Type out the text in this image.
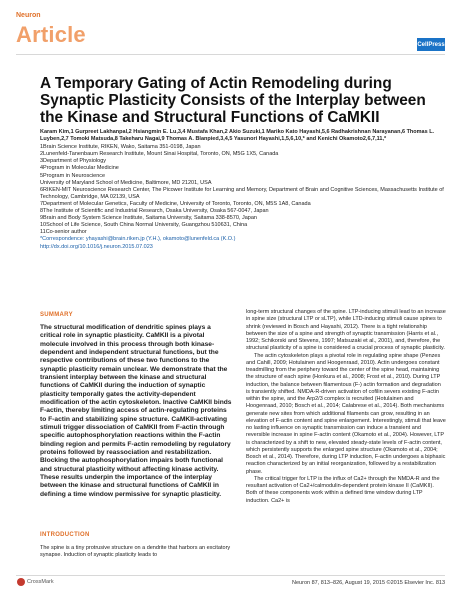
Neuron
Article	CellPress
A Temporary Gating of Actin Remodeling during Synaptic Plasticity Consists of the Interplay between the Kinase and Structural Functions of CaMKII

Karam Kim,1 Gurpreet Lakhanpal,2 Hsiangmin E. Lu,3,4 Mustafa Khan,2 Akio Suzuki,1 Mariko Kato Hayashi,5,6 Radhakrishnan Narayanan,6 Thomas L. Luyben,2,7 Tomoki Matsuda,8 Takeharu Nagai,9 Thomas A. Blanpied,3,4,5 Yasunori Hayashi,1,5,6,10,* and Kenichi Okamoto2,6,7,11,*

1Brain Science Institute, RIKEN, Wako, Saitama 351-0198, Japan

2Lunenfeld-Tanenbaum Research Institute, Mount Sinai Hospital, Toronto, ON, M5G 1X5, Canada

3Department of Physiology

4Program in Molecular Medicine

5Program in Neuroscience

University of Maryland School of Medicine, Baltimore, MD 21201, USA

6RIKEN-MIT Neuroscience Research Center, The Picower Institute for Learning and Memory, Department of Brain and Cognitive Sciences, Massachusetts Institute of Technology, Cambridge, MA 02139, USA

7Department of Molecular Genetics, Faculty of Medicine, University of Toronto, Toronto, ON, M5S 1A8, Canada

8The Institute of Scientific and Industrial Research, Osaka University, Osaka 567-0047, Japan

9Brain and Body System Science Institute, Saitama University, Saitama 338-8570, Japan

10School of Life Science, South China Normal University, Guangzhou 510631, China

11Co-senior author

*Correspondence: yhayashi@brain.riken.jp (Y.H.), okamoto@lunenfeld.ca (K.O.)

http://dx.doi.org/10.1016/j.neuron.2015.07.023

SUMMARY

The structural modification of dendritic spines plays a critical role in synaptic plasticity. CaMKII is a pivotal molecule involved in this process through both kinase-dependent and independent structural functions, but the respective contributions of these two functions to the synaptic plasticity remain unclear. We demonstrate that the transient interplay between the kinase and structural functions of CaMKII during the induction of synaptic plasticity temporally gates the activity-dependent modification of the actin cytoskeleton. Inactive CaMKII binds F-actin, thereby limiting access of actin-regulating proteins to F-actin and stabilizing spine structure. CaMKII-activating stimuli trigger dissociation of CaMKII from F-actin through specific autophosphorylation reactions within the F-actin binding region and permits F-actin remodeling by regulatory proteins followed by reassociation and restabilization. Blocking the autophosphorylation impairs both functional and structural plasticity without affecting kinase activity. These results underpin the importance of the interplay between the kinase and structural functions of CaMKII in defining a time window permissive for synaptic plasticity.

INTRODUCTION

The spine is a tiny protrusive structure on a dendrite that harbors an excitatory synapse. Induction of synaptic plasticity leads to

long-term structural changes of the spine. LTP-inducing stimuli lead to an increase in spine size (structural LTP or sLTP), while LTD-inducing stimuli cause spines to shrink (reviewed in Bosch and Hayashi, 2012). There is a tight relationship between the size of a spine and strength of synaptic transmission (Harris et al., 1992; Schikorski and Stevens, 1997; Matsuzaki et al., 2001), and, therefore, the structural plasticity of a spine is considered a crucial process of synaptic plasticity.

The actin cytoskeleton plays a pivotal role in regulating spine shape (Penzes and Cahill, 2009; Hotulainen and Hoogenraad, 2010). Actin undergoes constant treadmilling from the periphery toward the center of the spine head, maintaining the structure of each spine (Honkura et al., 2008; Frost et al., 2010). During LTP induction, the balance between filamentous (F-) actin formation and degradation is transiently shifted. NMDA-R-driven activation of cofilin severs existing F-actin within the spine, and the Arp2/3 complex is recruited (Hotulainen and Hoogenraad, 2010; Bosch et al., 2014; Calabrese et al., 2014). Both mechanisms generate new sites from which additional filaments can grow, resulting in an elevation of F-actin content and spine enlargement. Interestingly, stimuli that leave no lasting influence on synaptic transmission can induce a transient and reversible increase in spine F-actin content (Okamoto et al., 2004). However, LTP is characterized by a shift to new, elevated steady-state levels of F-actin content, which persistently supports the enlarged spine structure (Okamoto et al., 2004; Bosch et al., 2014). Therefore, during LTP induction, F-actin undergoes a biphasic reaction characterized by an initial reorganization, followed by a restabilization phase.

The critical trigger for LTP is the influx of Ca2+ through the NMDA-R and the resultant activation of Ca2+/calmodulin-dependent protein kinase II (CaMKII). Both of these components work within a defined time window during LTP induction. Ca2+ is

CrossMark	Neuron 87, 813–826, August 19, 2015 ©2015 Elsevier Inc. 813
